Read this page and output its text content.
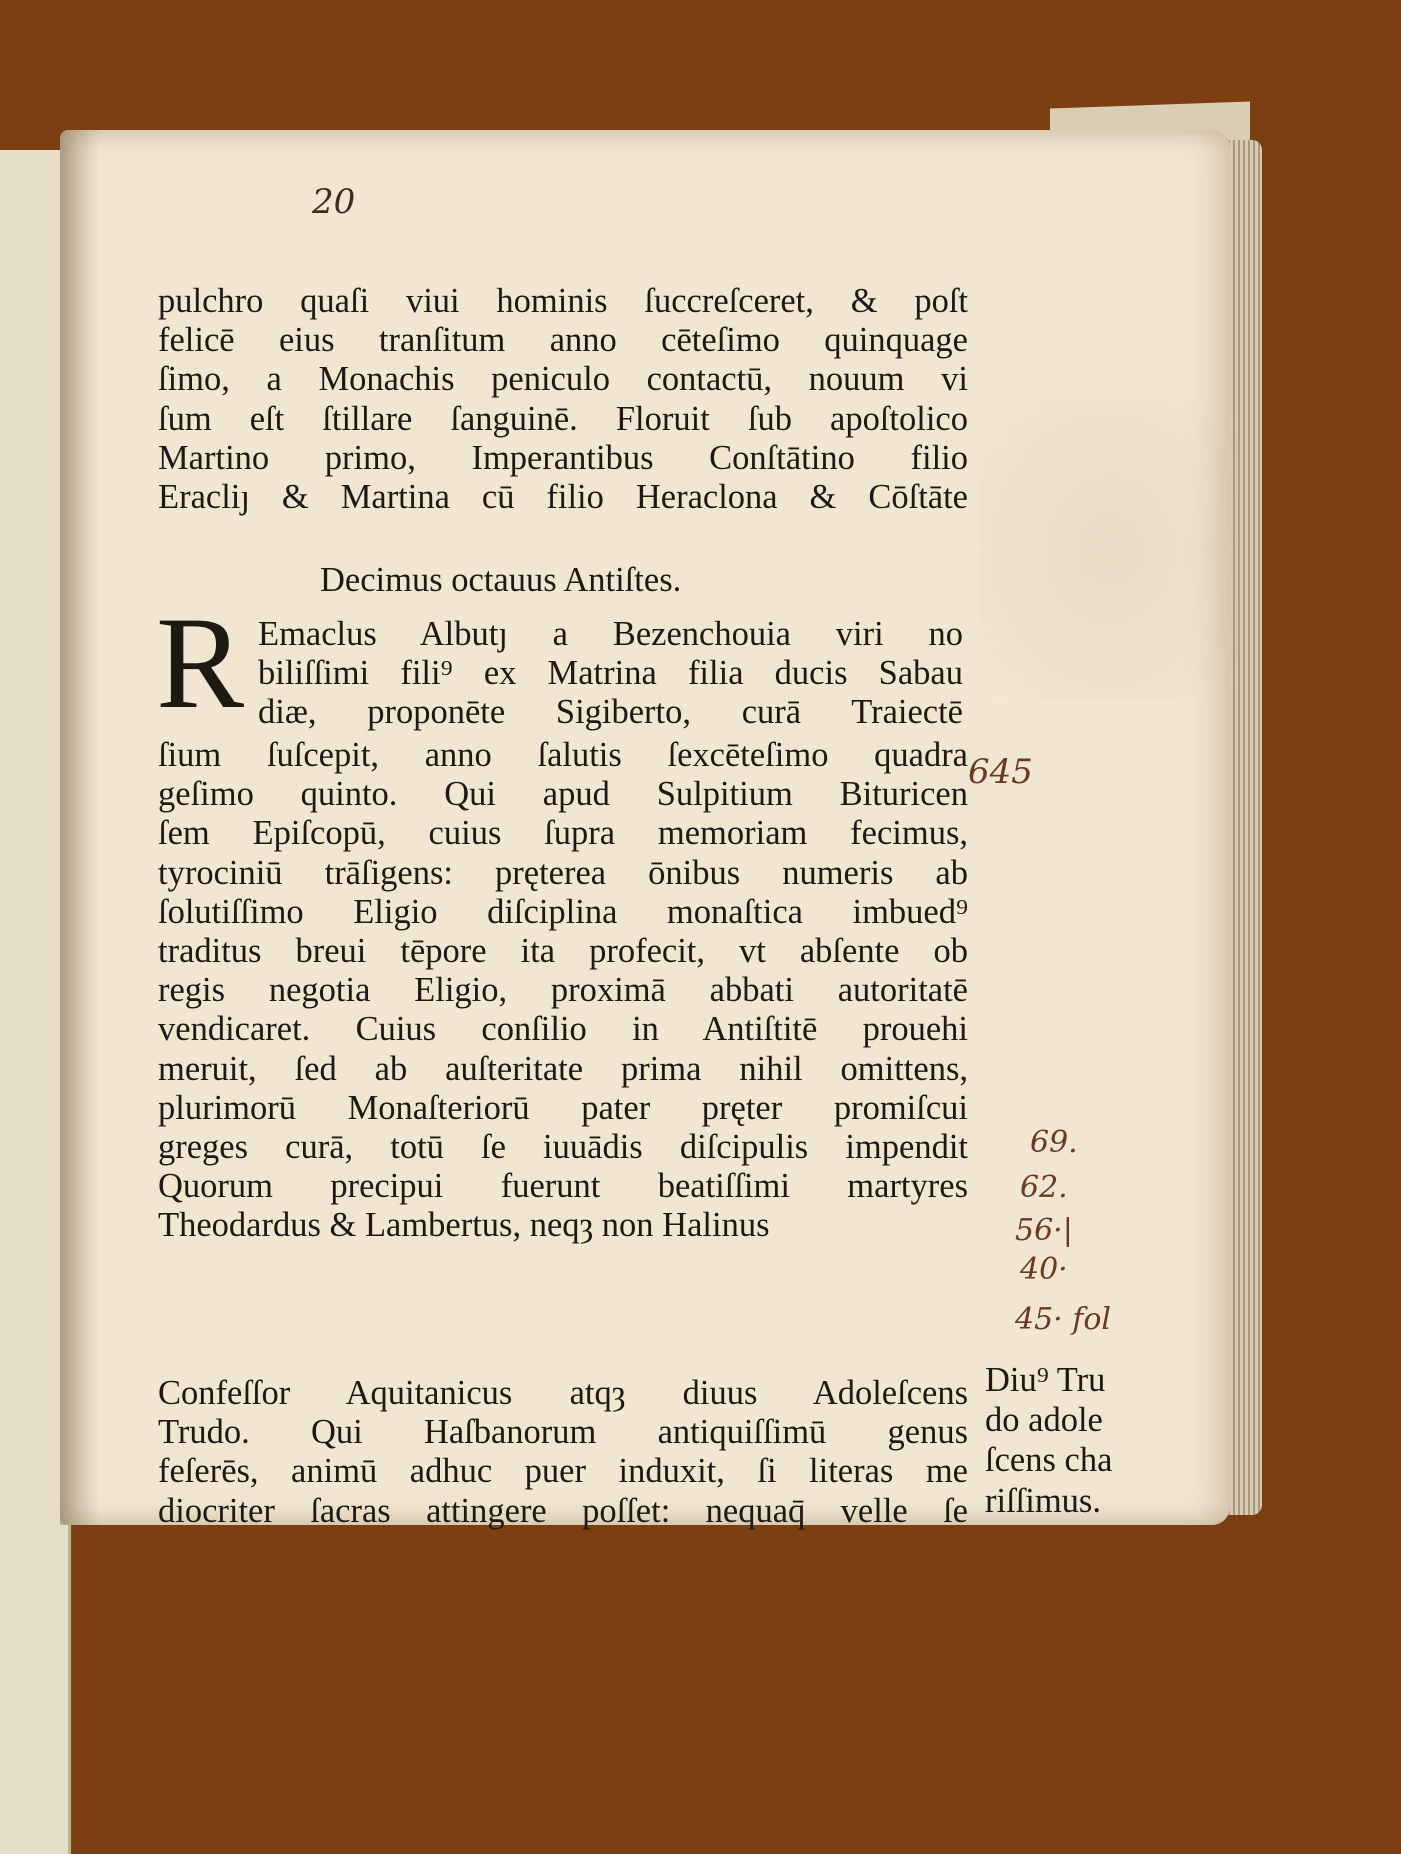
20
pulchro quaſi viui hominis ſuccreſceret, & poſt
felicē eius tranſitum anno cēteſimo quinquage
ſimo, a Monachis peniculo contactū, nouum vi
ſum eſt ſtillare ſanguinē. Floruit ſub apoſtolico
Martino primo, Imperantibus Conſtātino filio
Eracliȷ & Martina cū filio Heraclona & Cōſtāte
Decimus octauus Antiſtes.
R Emaclus Albutȷ a Bezenchouia viri no
biliſſimi fili⁹ ex Matrina filia ducis Sabau
diæ, proponēte Sigiberto, curā Traiectē
ſium ſuſcepit, anno ſalutis ſexcēteſimo quadra
geſimo quinto. Qui apud Sulpitium Bituricen
ſem Epiſcopū, cuius ſupra memoriam fecimus,
tyrociniū trāſigens: pręterea ōnibus numeris ab
ſolutiſſimo Eligio diſciplina monaſtica imbued⁹
traditus breui tēpore ita profecit, vt abſente ob
regis negotia Eligio, proximā abbati autoritatē
vendicaret. Cuius conſilio in Antiſtitē prouehi
meruit, ſed ab auſteritate prima nihil omittens,
plurimorū Monaſteriorū pater pręter promiſcui
greges curā, totū ſe iuuādis diſcipulis impendit
Quorum precipui fuerunt beatiſſimi martyres
Theodardus & Lambertus, neqȝ non Halinus
Confeſſor Aquitanicus atqȝ diuus Adoleſcens
Trudo. Qui Haſbanorum antiquiſſimū genus
feſerēs, animū adhuc puer induxit, ſi literas me
diocriter ſacras attingere poſſet: nequaq̄ velle ſe
Diu⁹ Tru
do adole
ſcens cha
riſſimus.
645
69.
62.
56·|
40·
45· fol
